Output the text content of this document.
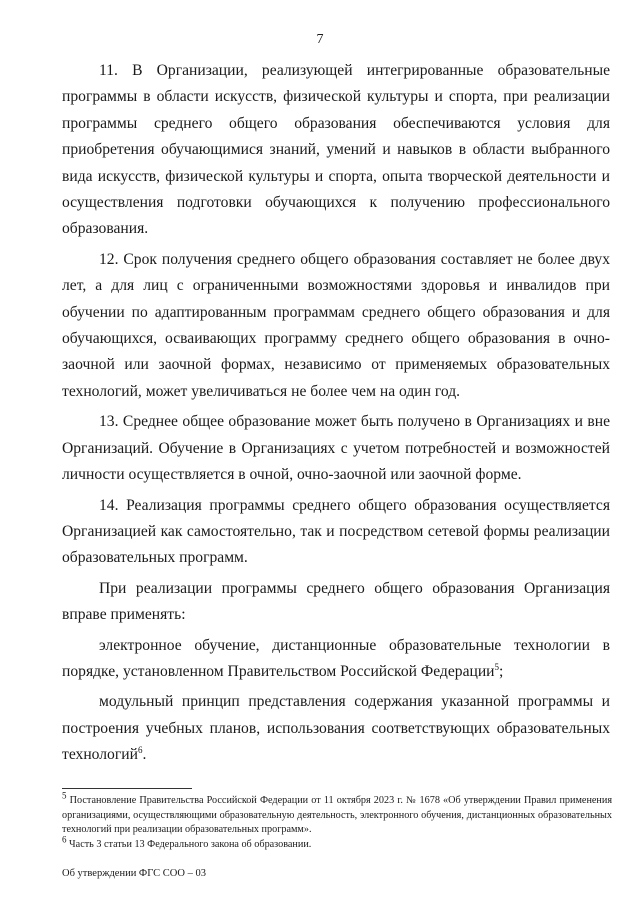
7

11. В Организации, реализующей интегрированные образовательные программы в области искусств, физической культуры и спорта, при реализации программы среднего общего образования обеспечиваются условия для приобретения обучающимися знаний, умений и навыков в области выбранного вида искусств, физической культуры и спорта, опыта творческой деятельности и осуществления подготовки обучающихся к получению профессионального образования.

12. Срок получения среднего общего образования составляет не более двух лет, а для лиц с ограниченными возможностями здоровья и инвалидов при обучении по адаптированным программам среднего общего образования и для обучающихся, осваивающих программу среднего общего образования в очно-заочной или заочной формах, независимо от применяемых образовательных технологий, может увеличиваться не более чем на один год.

13. Среднее общее образование может быть получено в Организациях и вне Организаций. Обучение в Организациях с учетом потребностей и возможностей личности осуществляется в очной, очно-заочной или заочной форме.

14. Реализация программы среднего общего образования осуществляется Организацией как самостоятельно, так и посредством сетевой формы реализации образовательных программ.

При реализации программы среднего общего образования Организация вправе применять:

электронное обучение, дистанционные образовательные технологии в порядке, установленном Правительством Российской Федерации$^5$;

модульный принцип представления содержания указанной программы и построения учебных планов, использования соответствующих образовательных технологий$^6$.

$^5$ Постановление Правительства Российской Федерации от 11 октября 2023 г. № 1678 «Об утверждении Правил применения организациями, осуществляющими образовательную деятельность, электронного обучения, дистанционных образовательных технологий при реализации образовательных программ».

$^6$ Часть 3 статьи 13 Федерального закона об образовании.

Об утверждении ФГС СОО – 03
